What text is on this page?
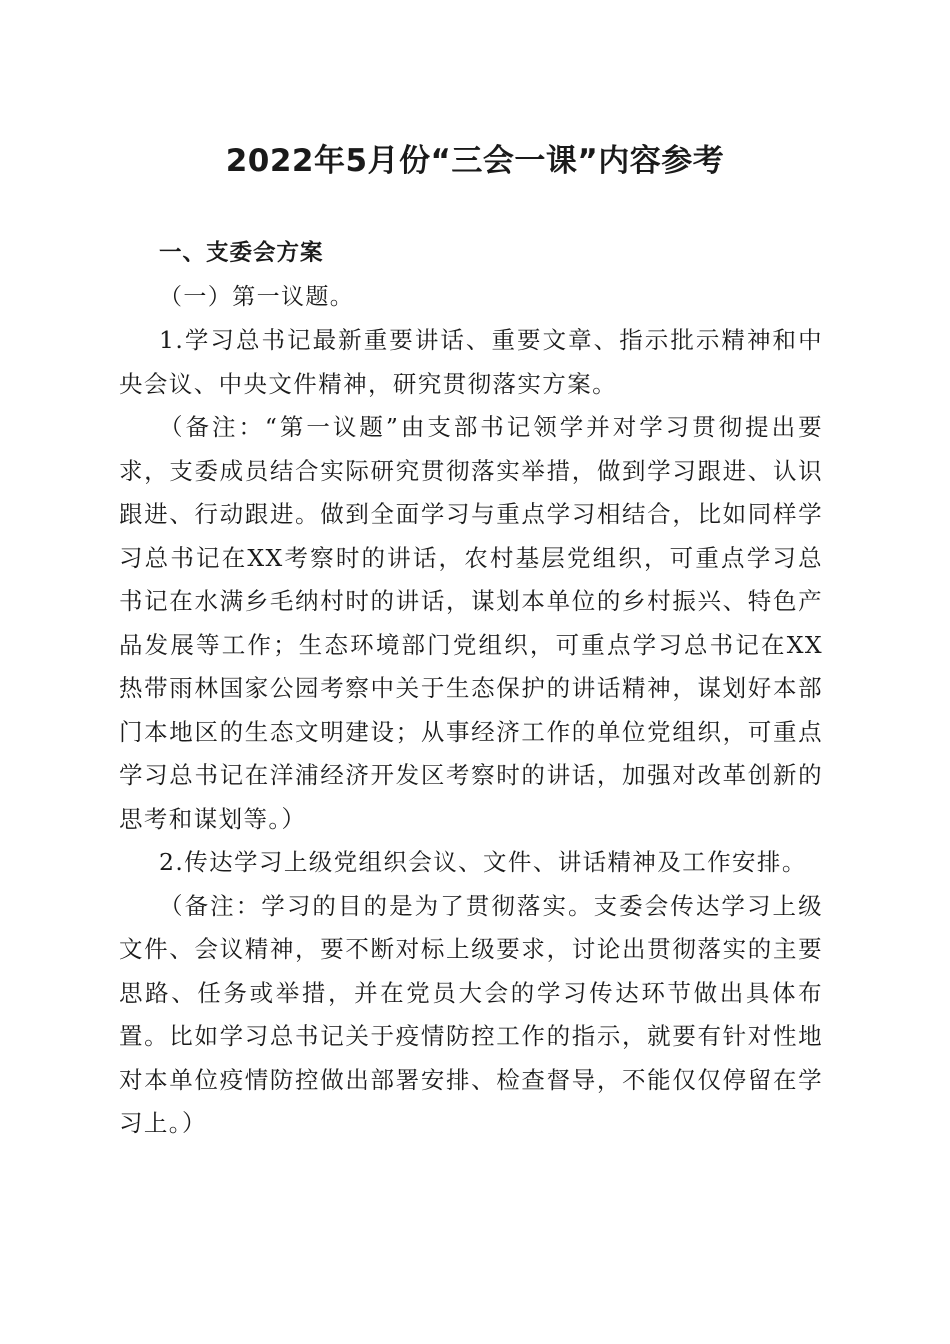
2022年5月份“三会一课”内容参考

一、支委会方案

（一）第一议题。

1.学习总书记最新重要讲话、重要文章、指示批示精神和中央会议、中央文件精神，研究贯彻落实方案。

（备注：“第一议题”由支部书记领学并对学习贯彻提出要求，支委成员结合实际研究贯彻落实举措，做到学习跟进、认识跟进、行动跟进。做到全面学习与重点学习相结合，比如同样学习总书记在XX考察时的讲话，农村基层党组织，可重点学习总书记在水满乡毛纳村时的讲话，谋划本单位的乡村振兴、特色产品发展等工作；生态环境部门党组织，可重点学习总书记在XX热带雨林国家公园考察中关于生态保护的讲话精神，谋划好本部门本地区的生态文明建设；从事经济工作的单位党组织，可重点学习总书记在洋浦经济开发区考察时的讲话，加强对改革创新的思考和谋划等。）

2.传达学习上级党组织会议、文件、讲话精神及工作安排。

（备注：学习的目的是为了贯彻落实。支委会传达学习上级文件、会议精神，要不断对标上级要求，讨论出贯彻落实的主要思路、任务或举措，并在党员大会的学习传达环节做出具体布置。比如学习总书记关于疫情防控工作的指示，就要有针对性地对本单位疫情防控做出部署安排、检查督导，不能仅仅停留在学习上。）
